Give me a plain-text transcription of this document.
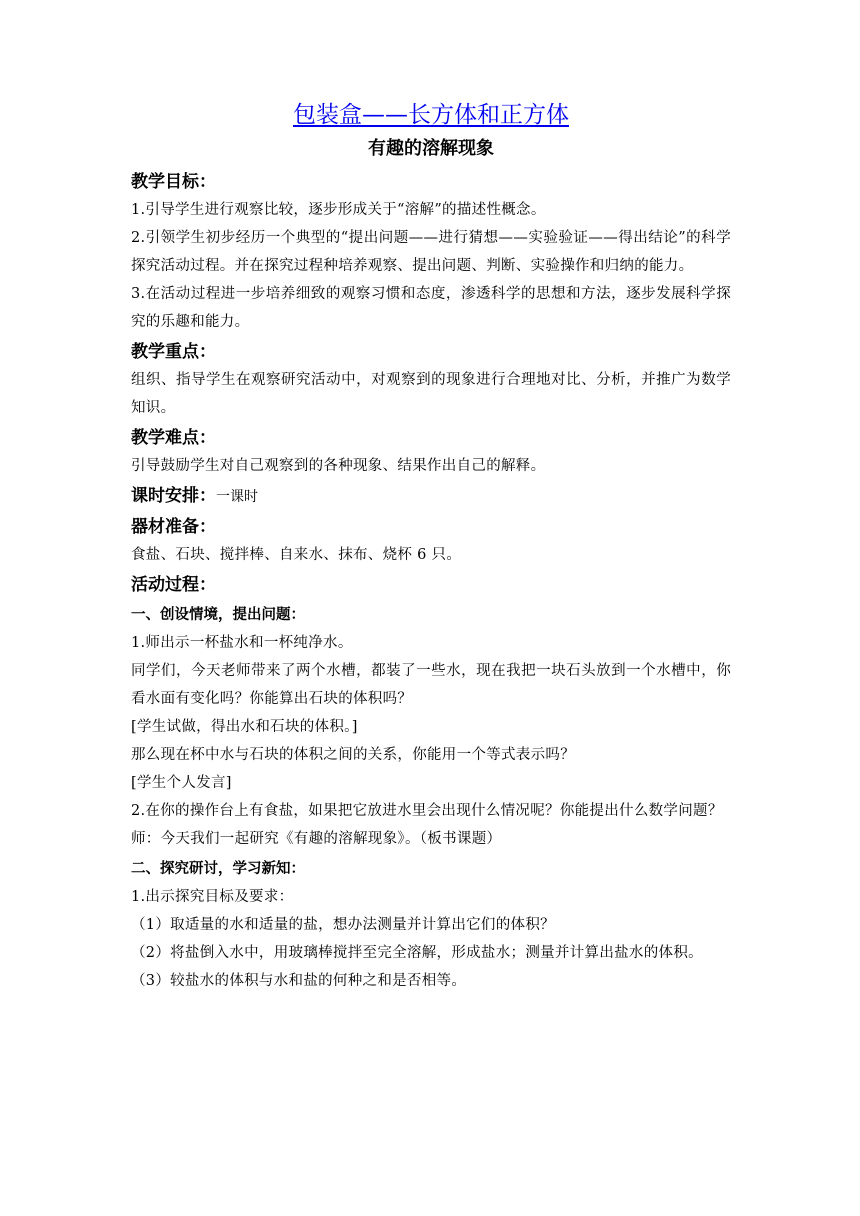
包装盒——长方体和正方体
有趣的溶解现象
教学目标：

1.引导学生进行观察比较，逐步形成关于“溶解”的描述性概念。

2.引领学生初步经历一个典型的“提出问题——进行猜想——实验验证——得出结论”的科学探究活动过程。并在探究过程种培养观察、提出问题、判断、实验操作和归纳的能力。

3.在活动过程进一步培养细致的观察习惯和态度，渗透科学的思想和方法，逐步发展科学探究的乐趣和能力。

教学重点：

组织、指导学生在观察研究活动中，对观察到的现象进行合理地对比、分析，并推广为数学知识。

教学难点：

引导鼓励学生对自己观察到的各种现象、结果作出自己的解释。

课时安排：一课时
器材准备：

食盐、石块、搅拌棒、自来水、抹布、烧杯 6 只。

活动过程：
一、创设情境，提出问题：

1.师出示一杯盐水和一杯纯净水。

同学们，今天老师带来了两个水槽，都装了一些水，现在我把一块石头放到一个水槽中，你看水面有变化吗？你能算出石块的体积吗？

[学生试做，得出水和石块的体积。]

那么现在杯中水与石块的体积之间的关系，你能用一个等式表示吗？

[学生个人发言]

2.在你的操作台上有食盐，如果把它放进水里会出现什么情况呢？你能提出什么数学问题？

师：今天我们一起研究《有趣的溶解现象》。（板书课题）

二、探究研讨，学习新知：

1.出示探究目标及要求：

（1）取适量的水和适量的盐，想办法测量并计算出它们的体积？

（2）将盐倒入水中，用玻璃棒搅拌至完全溶解，形成盐水；测量并计算出盐水的体积。

（3）较盐水的体积与水和盐的何种之和是否相等。
